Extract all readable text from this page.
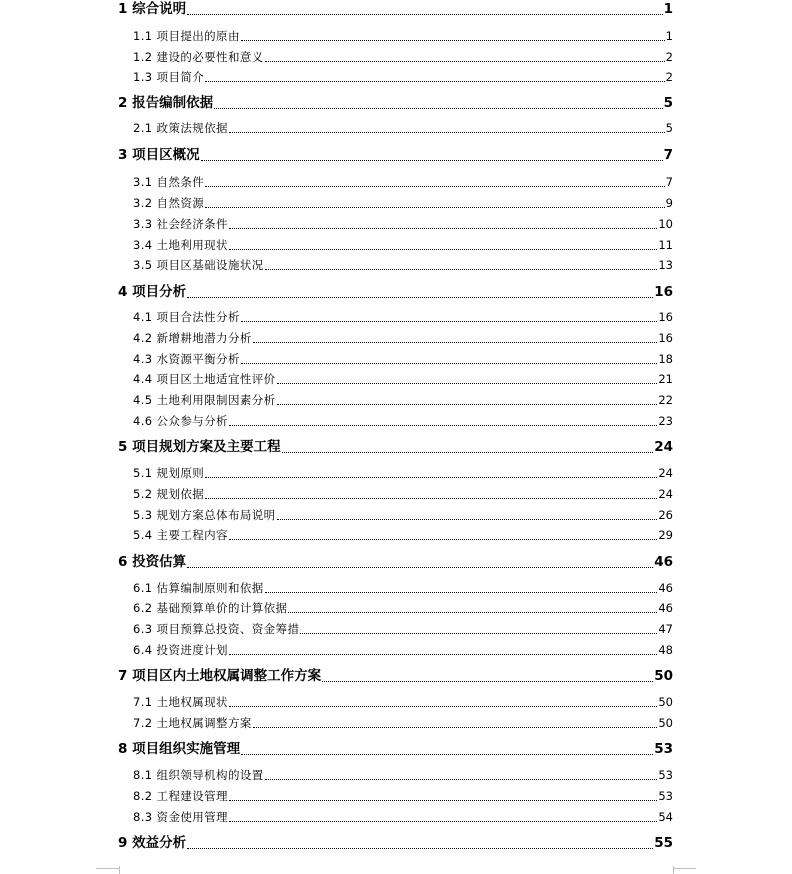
1 综合说明	1
1.1 项目提出的原由	1
1.2 建设的必要性和意义	2
1.3 项目简介	2
2 报告编制依据	5
2.1 政策法规依据	5
3 项目区概况	7
3.1 自然条件	7
3.2 自然资源	9
3.3 社会经济条件	10
3.4 土地利用现状	11
3.5 项目区基础设施状况	13
4 项目分析	16
4.1 项目合法性分析	16
4.2 新增耕地潜力分析	16
4.3 水资源平衡分析	18
4.4 项目区土地适宜性评价	21
4.5 土地利用限制因素分析	22
4.6 公众参与分析	23
5 项目规划方案及主要工程	24
5.1 规划原则	24
5.2 规划依据	24
5.3 规划方案总体布局说明	26
5.4 主要工程内容	29
6 投资估算	46
6.1 估算编制原则和依据	46
6.2 基础预算单价的计算依据	46
6.3 项目预算总投资、资金筹措	47
6.4 投资进度计划	48
7 项目区内土地权属调整工作方案	50
7.1 土地权属现状	50
7.2 土地权属调整方案	50
8 项目组织实施管理	53
8.1 组织领导机构的设置	53
8.2 工程建设管理	53
8.3 资金使用管理	54
9 效益分析	55
